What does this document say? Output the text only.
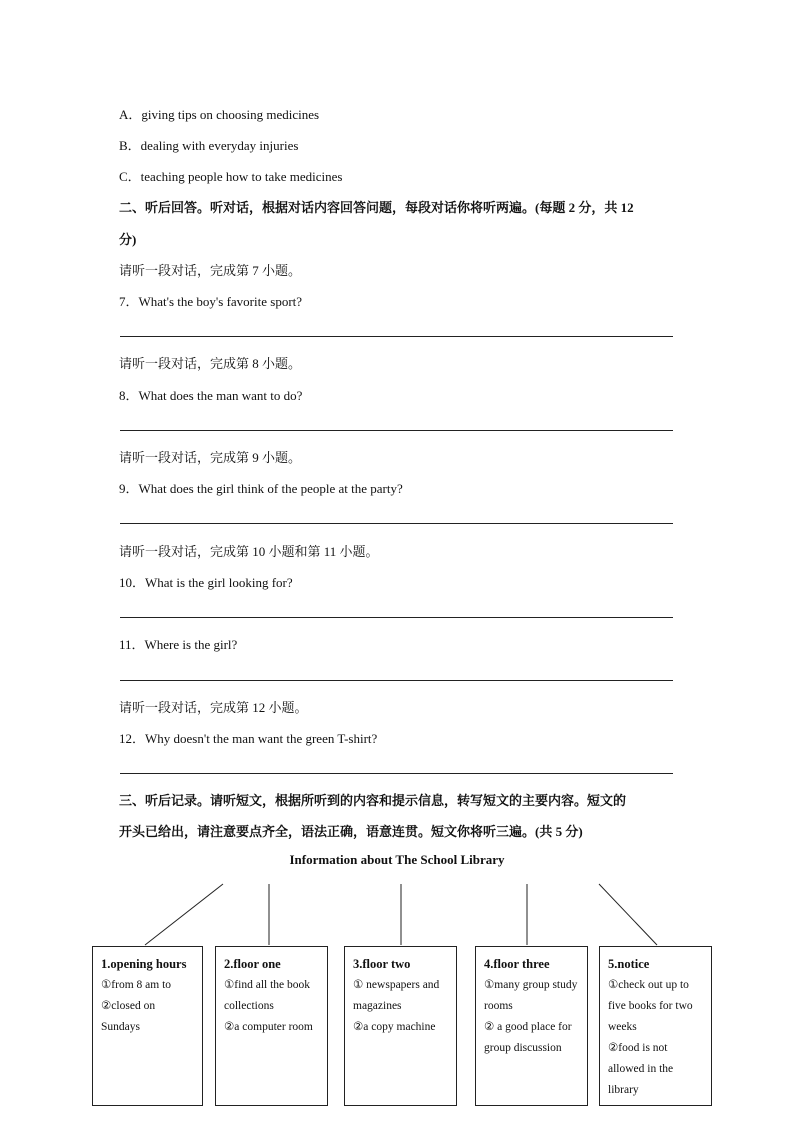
A．giving tips on choosing medicines
B．dealing with everyday injuries
C．teaching people how to take medicines
二、听后回答。听对话，根据对话内容回答问题，每段对话你将听两遍。(每题 2 分，共 12
分)
请听一段对话，完成第 7 小题。
7．What's the boy's favorite sport?
请听一段对话，完成第 8 小题。
8．What does the man want to do?
请听一段对话，完成第 9 小题。
9．What does the girl think of the people at the party?
请听一段对话，完成第 10 小题和第 11 小题。
10．What is the girl looking for?
11．Where is the girl?
请听一段对话，完成第 12 小题。
12．Why doesn't the man want the green T-shirt?
三、听后记录。请听短文，根据所听到的内容和提示信息，转写短文的主要内容。短文的
开头已给出，请注意要点齐全，语法正确，语意连贯。短文你将听三遍。(共 5 分)
Information about The School Library
1.opening hours
①from 8 am to
②closed on Sundays
2.floor one
①find all the book collections
②a computer room
3.floor two
① newspapers and magazines
②a copy machine
4.floor three
①many group study rooms
② a good place for group discussion
5.notice
①check out up to five books for two weeks
②food is not allowed in the library
